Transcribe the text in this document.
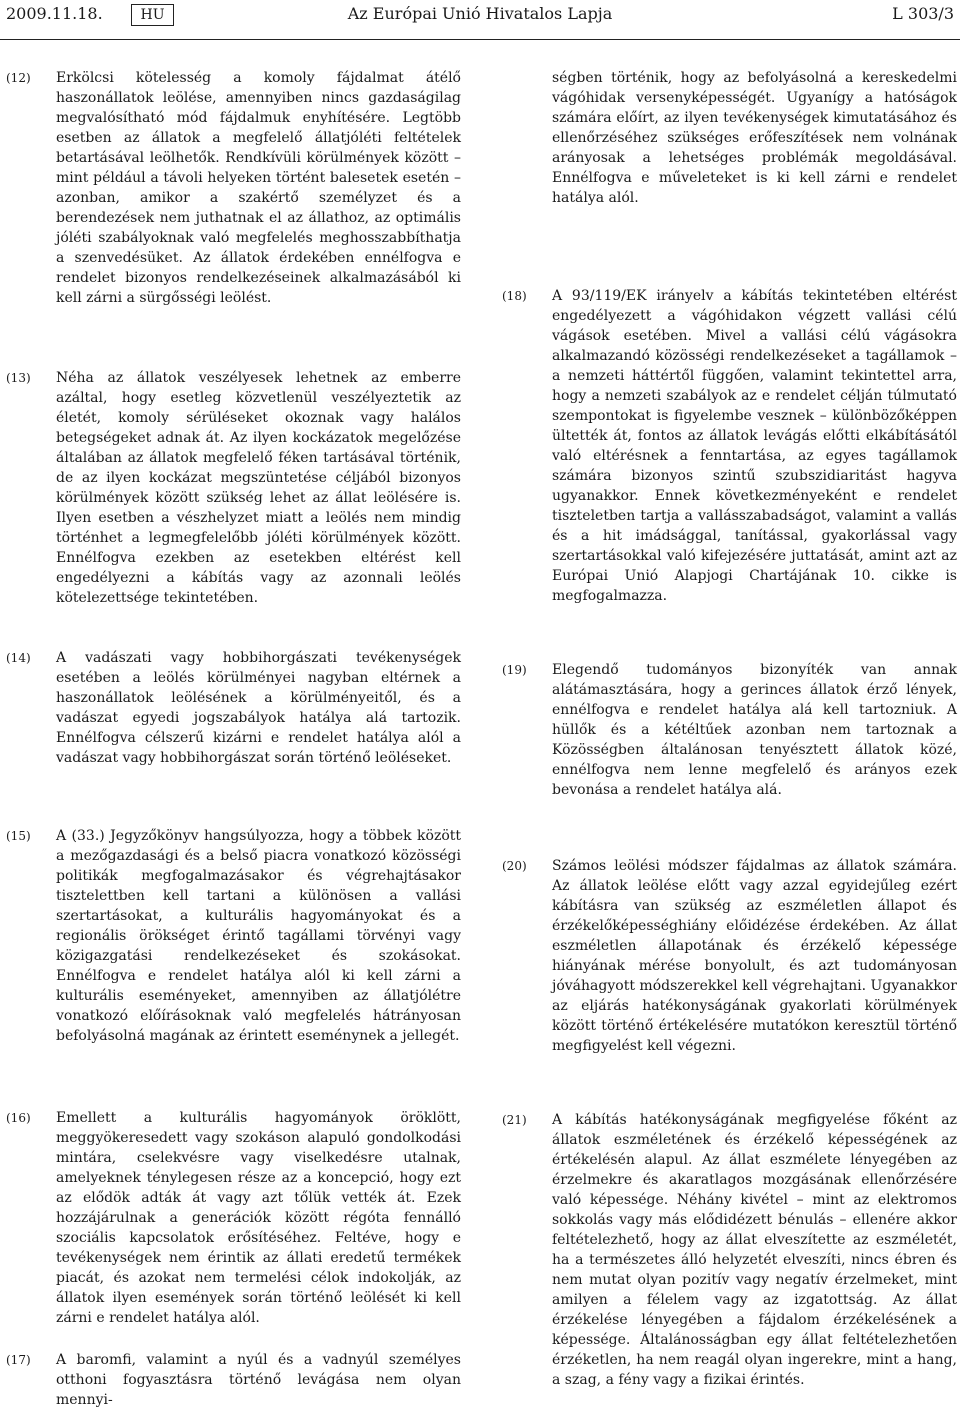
2009.11.18.	HU	Az Európai Unió Hivatalos Lapja	L 303/3
(12) Erkölcsi kötelesség a komoly fájdalmat átélő haszonállatok leölése, amennyiben nincs gazdaságilag megvalósítható mód fájdalmuk enyhítésére. Legtöbb esetben az állatok a megfelelő állatjóléti feltételek betartásával leölhetők. Rendkívüli körülmények között – mint például a távoli helyeken történt balesetek esetén – azonban, amikor a szakértő személyzet és a berendezések nem juthatnak el az állathoz, az optimális jóléti szabályoknak való megfelelés meghosszabbíthatja a szenvedésüket. Az állatok érdekében ennélfogva e rendelet bizonyos rendelkezéseinek alkalmazásából ki kell zárni a sürgősségi leölést.

(13) Néha az állatok veszélyesek lehetnek az emberre azáltal, hogy esetleg közvetlenül veszélyeztetik az életét, komoly sérüléseket okoznak vagy halálos betegségeket adnak át. Az ilyen kockázatok megelőzése általában az állatok megfelelő féken tartásával történik, de az ilyen kockázat megszüntetése céljából bizonyos körülmények között szükség lehet az állat leölésére is. Ilyen esetben a vészhelyzet miatt a leölés nem mindig történhet a legmegfelelőbb jóléti körülmények között. Ennélfogva ezekben az esetekben eltérést kell engedélyezni a kábítás vagy az azonnali leölés kötelezettsége tekintetében.

(14) A vadászati vagy hobbihorgászati tevékenységek esetében a leölés körülményei nagyban eltérnek a haszonállatok leölésének a körülményeitől, és a vadászat egyedi jogszabályok hatálya alá tartozik. Ennélfogva célszerű kizárni e rendelet hatálya alól a vadászat vagy hobbihorgászat során történő leöléseket.

(15) A (33.) Jegyzőkönyv hangsúlyozza, hogy a többek között a mezőgazdasági és a belső piacra vonatkozó közösségi politikák megfogalmazásakor és végrehajtásakor tisztelettben kell tartani a különösen a vallási szertartásokat, a kulturális hagyományokat és a regionális örökséget érintő tagállami törvényi vagy közigazgatási rendelkezéseket és szokásokat. Ennélfogva e rendelet hatálya alól ki kell zárni a kulturális eseményeket, amennyiben az állatjólétre vonatkozó előírásoknak való megfelelés hátrányosan befolyásolná magának az érintett eseménynek a jellegét.

(16) Emellett a kulturális hagyományok öröklött, meggyökeresedett vagy szokáson alapuló gondolkodási mintára, cselekvésre vagy viselkedésre utalnak, amelyeknek ténylegesen része az a koncepció, hogy ezt az elődök adták át vagy azt tőlük vették át. Ezek hozzájárulnak a generációk között régóta fennálló szociális kapcsolatok erősítéséhez. Feltéve, hogy e tevékenységek nem érintik az állati eredetű termékek piacát, és azokat nem termelési célok indokolják, az állatok ilyen események során történő leölését ki kell zárni e rendelet hatálya alól.

(17) A baromfi, valamint a nyúl és a vadnyúl személyes otthoni fogyasztásra történő levágása nem olyan mennyi-

ségben történik, hogy az befolyásolná a kereskedelmi vágóhidak versenyképességét. Ugyanígy a hatóságok számára előírt, az ilyen tevékenységek kimutatásához és ellenőrzéséhez szükséges erőfeszítések nem volnának arányosak a lehetséges problémák megoldásával. Ennélfogva e műveleteket is ki kell zárni e rendelet hatálya alól.

(18) A 93/119/EK irányelv a kábítás tekintetében eltérést engedélyezett a vágóhidakon végzett vallási célú vágások esetében. Mivel a vallási célú vágásokra alkalmazandó közösségi rendelkezéseket a tagállamok – a nemzeti háttértől függően, valamint tekintettel arra, hogy a nemzeti szabályok az e rendelet célján túlmutató szempontokat is figyelembe vesznek – különbözőképpen ültették át, fontos az állatok levágás előtti elkábításától való eltérésnek a fenntartása, az egyes tagállamok számára bizonyos szintű szubszidiaritást hagyva ugyanakkor. Ennek következményeként e rendelet tiszteletben tartja a vallásszabadságot, valamint a vallás és a hit imádsággal, tanítással, gyakorlással vagy szertartásokkal való kifejezésére juttatását, amint azt az Európai Unió Alapjogi Chartájának 10. cikke is megfogalmazza.

(19) Elegendő tudományos bizonyíték van annak alátámasztására, hogy a gerinces állatok érző lények, ennélfogva e rendelet hatálya alá kell tartozniuk. A hüllők és a kétéltűek azonban nem tartoznak a Közösségben általánosan tenyésztett állatok közé, ennélfogva nem lenne megfelelő és arányos ezek bevonása a rendelet hatálya alá.

(20) Számos leölési módszer fájdalmas az állatok számára. Az állatok leölése előtt vagy azzal egyidejűleg ezért kábításra van szükség az eszméletlen állapot és érzékelőképességhiány előidézése érdekében. Az állat eszméletlen állapotának és érzékelő képessége hiányának mérése bonyolult, és azt tudományosan jóváhagyott módszerekkel kell végrehajtani. Ugyanakkor az eljárás hatékonyságának gyakorlati körülmények között történő értékelésére mutatókon keresztül történő megfigyelést kell végezni.

(21) A kábítás hatékonyságának megfigyelése főként az állatok eszméletének és érzékelő képességének az értékelésén alapul. Az állat eszmélete lényegében az érzelmekre és akaratlagos mozgásának ellenőrzésére való képessége. Néhány kivétel – mint az elektromos sokkolás vagy más elődidézett bénulás – ellenére akkor feltételezhető, hogy az állat elveszítette az eszméletét, ha a természetes álló helyzetét elveszíti, nincs ébren és nem mutat olyan pozitív vagy negatív érzelmeket, mint amilyen a félelem vagy az izgatottság. Az állat érzékelése lényegében a fájdalom érzékelésének a képessége. Általánosságban egy állat feltételezhetően érzéketlen, ha nem reagál olyan ingerekre, mint a hang, a szag, a fény vagy a fizikai érintés.
